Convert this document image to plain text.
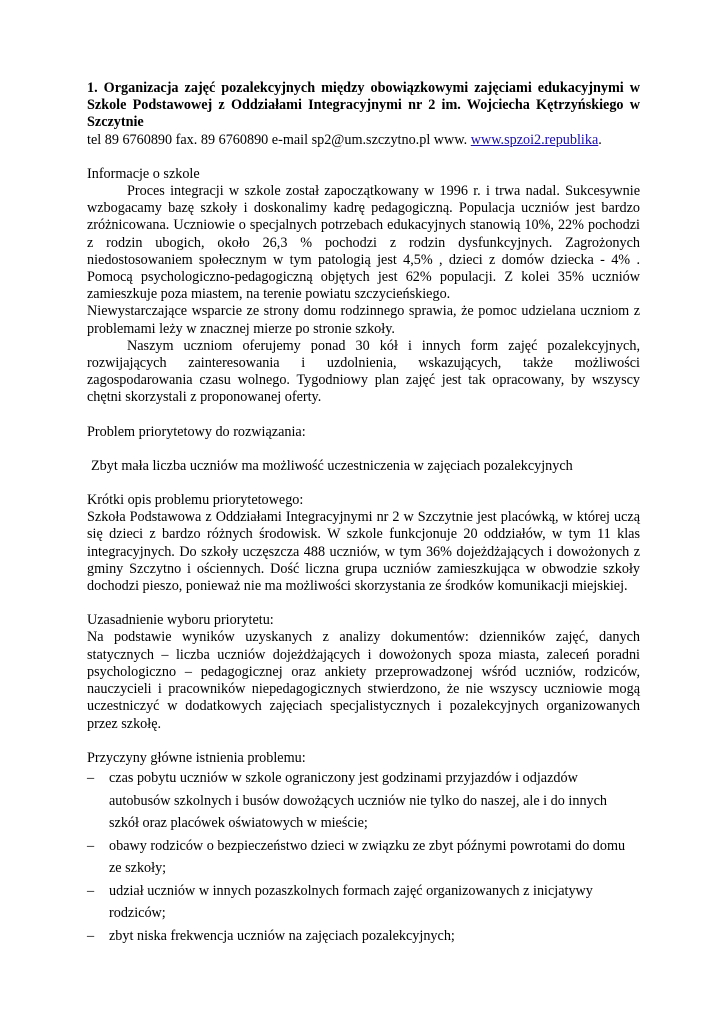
1. Organizacja zajęć pozalekcyjnych między obowiązkowymi zajęciami edukacyjnymi w Szkole Podstawowej z Oddziałami Integracyjnymi nr 2 im. Wojciecha Kętrzyńskiego w Szczytnie

tel 89 6760890 fax. 89 6760890 e-mail sp2@um.szczytno.pl www. www.spzoi2.republika.

Informacje o szkole

Proces integracji w szkole został zapoczątkowany w 1996 r. i trwa nadal. Sukcesywnie wzbogacamy bazę szkoły i doskonalimy kadrę pedagogiczną. Populacja uczniów jest bardzo zróżnicowana. Uczniowie o specjalnych potrzebach edukacyjnych stanowią 10%, 22% pochodzi z rodzin ubogich, około 26,3 % pochodzi z rodzin dysfunkcyjnych. Zagrożonych niedostosowaniem społecznym w tym patologią jest 4,5% , dzieci z domów dziecka - 4% . Pomocą psychologiczno-pedagogiczną objętych jest 62% populacji. Z kolei 35% uczniów zamieszkuje poza miastem, na terenie powiatu szczycieńskiego.

Niewystarczające wsparcie ze strony domu rodzinnego sprawia, że pomoc udzielana uczniom z problemami leży w znacznej mierze po stronie szkoły.

Naszym uczniom oferujemy ponad 30 kół i innych form zajęć pozalekcyjnych, rozwijających zainteresowania i uzdolnienia, wskazujących, także możliwości zagospodarowania czasu wolnego. Tygodniowy plan zajęć jest tak opracowany, by wszyscy chętni skorzystali z proponowanej oferty.

Problem priorytetowy do rozwiązania:

Zbyt mała liczba uczniów ma możliwość uczestniczenia w zajęciach pozalekcyjnych

Krótki opis problemu priorytetowego:

Szkoła Podstawowa z Oddziałami Integracyjnymi nr 2 w Szczytnie jest placówką, w której uczą się dzieci z bardzo różnych środowisk. W szkole funkcjonuje 20 oddziałów, w tym 11 klas integracyjnych. Do szkoły uczęszcza 488 uczniów, w tym 36% dojeżdżających i dowożonych z gminy Szczytno i ościennych. Dość liczna grupa uczniów zamieszkująca w obwodzie szkoły dochodzi pieszo, ponieważ nie ma możliwości skorzystania ze środków komunikacji miejskiej.

Uzasadnienie wyboru priorytetu:

Na podstawie wyników uzyskanych z analizy dokumentów: dzienników zajęć, danych statycznych – liczba uczniów dojeżdżających i dowożonych spoza miasta, zaleceń poradni psychologiczno – pedagogicznej oraz ankiety przeprowadzonej wśród uczniów, rodziców, nauczycieli i pracowników niepedagogicznych stwierdzono, że nie wszyscy uczniowie mogą uczestniczyć w dodatkowych zajęciach specjalistycznych i pozalekcyjnych organizowanych przez szkołę.

Przyczyny główne istnienia problemu:

– czas pobytu uczniów w szkole ograniczony jest godzinami przyjazdów i odjazdów autobusów szkolnych i busów dowożących uczniów nie tylko do naszej, ale i do innych szkół oraz placówek oświatowych w mieście;
– obawy rodziców o bezpieczeństwo dzieci w związku ze zbyt późnymi powrotami do domu ze szkoły;
– udział uczniów w innych pozaszkolnych formach zajęć organizowanych z inicjatywy rodziców;
– zbyt niska frekwencja uczniów na zajęciach pozalekcyjnych;
